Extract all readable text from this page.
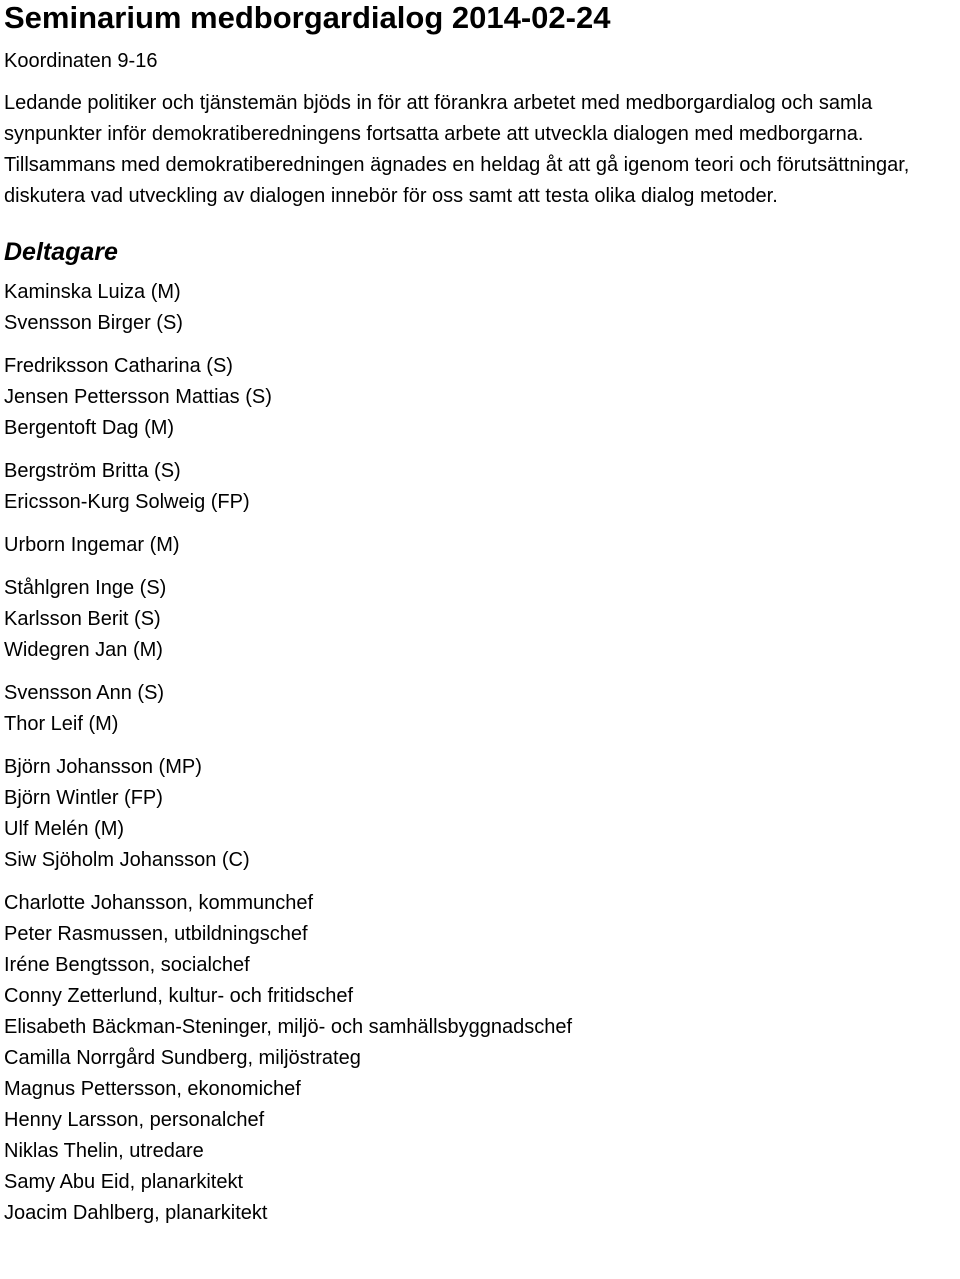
Seminarium medborgardialog 2014-02-24
Koordinaten 9-16

Ledande politiker och tjänstemän bjöds in för att förankra arbetet med medborgardialog och samla synpunkter inför demokratiberedningens fortsatta arbete att utveckla dialogen med medborgarna. Tillsammans med demokratiberedningen ägnades en heldag åt att gå igenom teori och förutsättningar, diskutera vad utveckling av dialogen innebör för oss samt att testa olika dialog metoder.

Deltagare
Kaminska Luiza (M)
Svensson Birger (S)
Fredriksson Catharina (S)
Jensen Pettersson Mattias (S)
Bergentoft Dag (M)
Bergström Britta (S)
Ericsson-Kurg Solweig (FP)
Urborn Ingemar (M)
Ståhlgren Inge (S)
Karlsson Berit (S)
Widegren Jan (M)
Svensson Ann (S)
Thor Leif (M)
Björn Johansson (MP)
Björn Wintler (FP)
Ulf Melén (M)
Siw Sjöholm Johansson (C)
Charlotte Johansson, kommunchef
Peter Rasmussen, utbildningschef
Iréne Bengtsson, socialchef
Conny Zetterlund, kultur- och fritidschef
Elisabeth Bäckman-Steninger, miljö- och samhällsbyggnadschef
Camilla Norrgård Sundberg, miljöstrateg
Magnus Pettersson, ekonomichef
Henny Larsson, personalchef
Niklas Thelin, utredare
Samy Abu Eid, planarkitekt
Joacim Dahlberg, planarkitekt
